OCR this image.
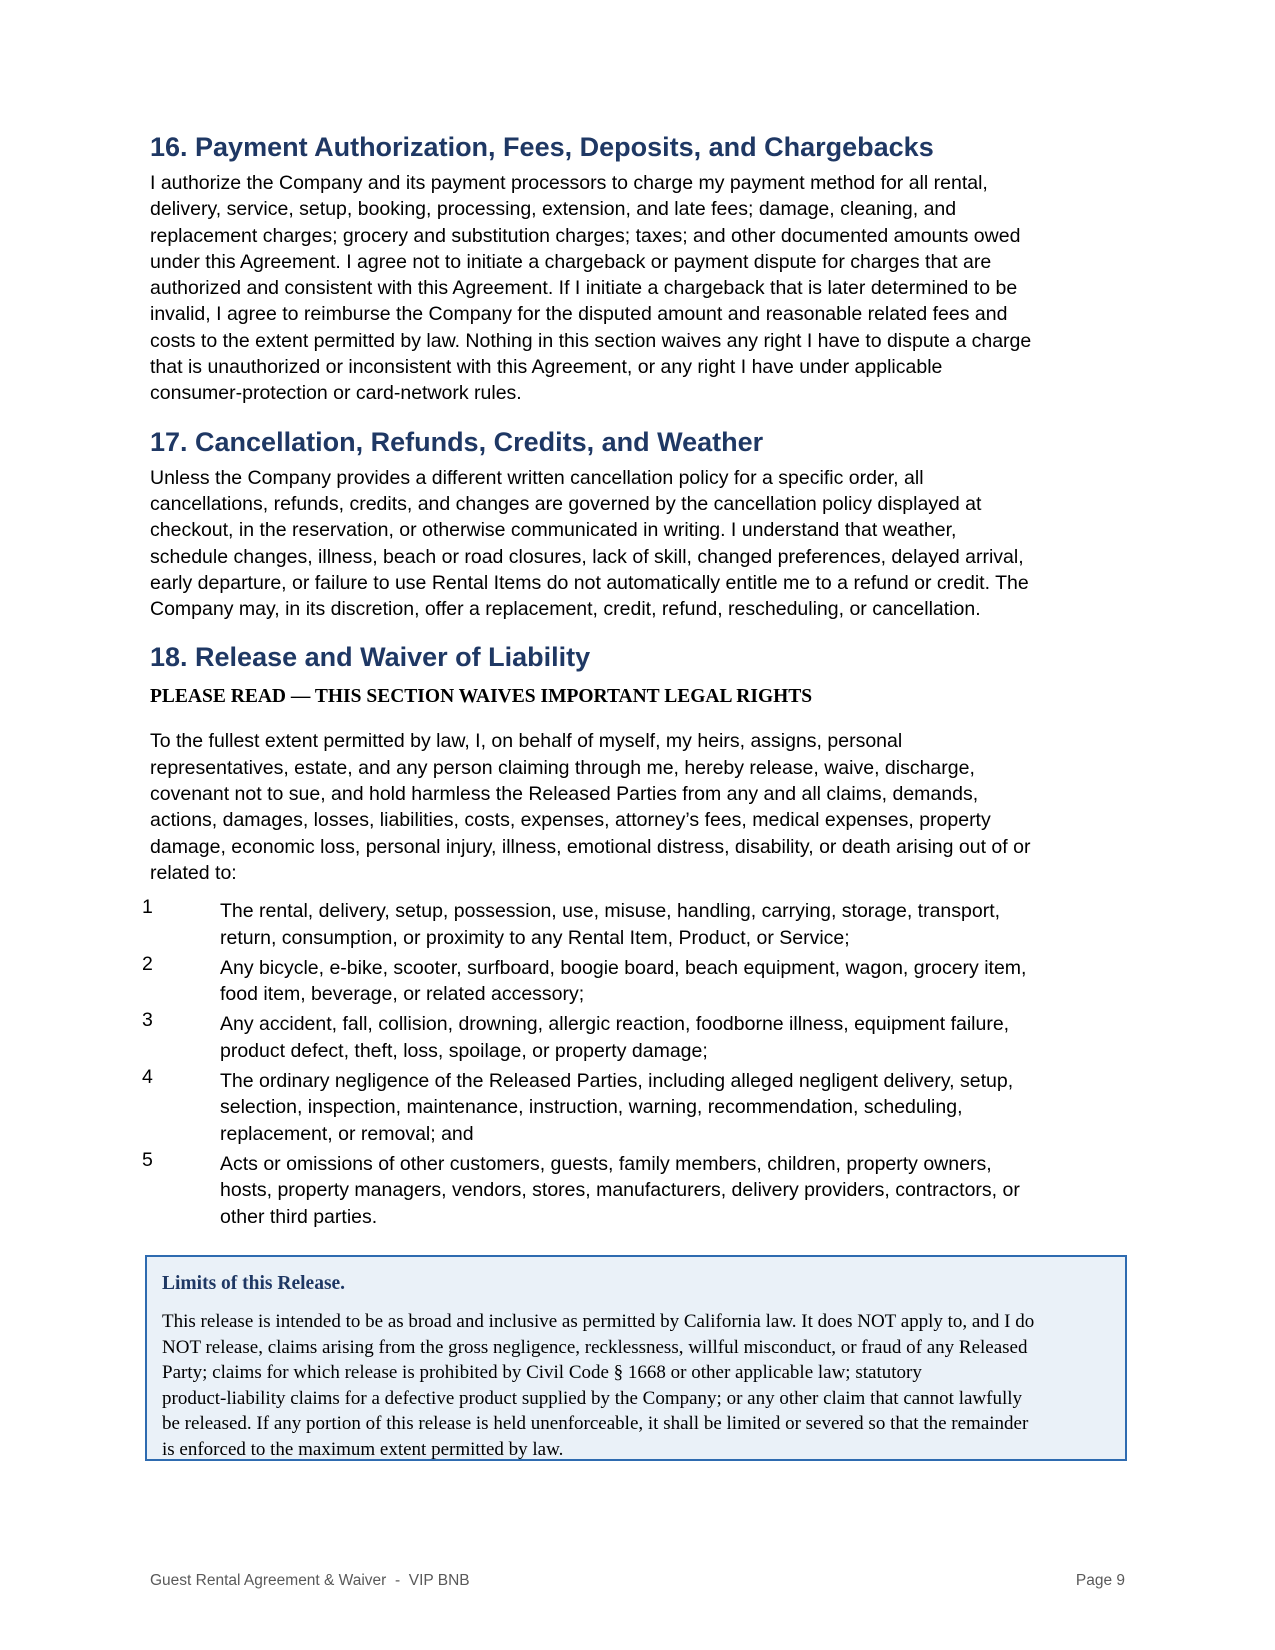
16. Payment Authorization, Fees, Deposits, and Chargebacks

I authorize the Company and its payment processors to charge my payment method for all rental,
delivery, service, setup, booking, processing, extension, and late fees; damage, cleaning, and
replacement charges; grocery and substitution charges; taxes; and other documented amounts owed
under this Agreement. I agree not to initiate a chargeback or payment dispute for charges that are
authorized and consistent with this Agreement. If I initiate a chargeback that is later determined to be
invalid, I agree to reimburse the Company for the disputed amount and reasonable related fees and
costs to the extent permitted by law. Nothing in this section waives any right I have to dispute a charge
that is unauthorized or inconsistent with this Agreement, or any right I have under applicable
consumer-protection or card-network rules.

17. Cancellation, Refunds, Credits, and Weather

Unless the Company provides a different written cancellation policy for a specific order, all
cancellations, refunds, credits, and changes are governed by the cancellation policy displayed at
checkout, in the reservation, or otherwise communicated in writing. I understand that weather,
schedule changes, illness, beach or road closures, lack of skill, changed preferences, delayed arrival,
early departure, or failure to use Rental Items do not automatically entitle me to a refund or credit. The
Company may, in its discretion, offer a replacement, credit, refund, rescheduling, or cancellation.

18. Release and Waiver of Liability

PLEASE READ — THIS SECTION WAIVES IMPORTANT LEGAL RIGHTS

To the fullest extent permitted by law, I, on behalf of myself, my heirs, assigns, personal
representatives, estate, and any person claiming through me, hereby release, waive, discharge,
covenant not to sue, and hold harmless the Released Parties from any and all claims, demands,
actions, damages, losses, liabilities, costs, expenses, attorney’s fees, medical expenses, property
damage, economic loss, personal injury, illness, emotional distress, disability, or death arising out of or
related to:

1	The rental, delivery, setup, possession, use, misuse, handling, carrying, storage, transport,
return, consumption, or proximity to any Rental Item, Product, or Service;
2	Any bicycle, e-bike, scooter, surfboard, boogie board, beach equipment, wagon, grocery item,
food item, beverage, or related accessory;
3	Any accident, fall, collision, drowning, allergic reaction, foodborne illness, equipment failure,
product defect, theft, loss, spoilage, or property damage;
4	The ordinary negligence of the Released Parties, including alleged negligent delivery, setup,
selection, inspection, maintenance, instruction, warning, recommendation, scheduling,
replacement, or removal; and
5	Acts or omissions of other customers, guests, family members, children, property owners,
hosts, property managers, vendors, stores, manufacturers, delivery providers, contractors, or
other third parties.

Limits of this Release.

This release is intended to be as broad and inclusive as permitted by California law. It does NOT apply to, and I do
NOT release, claims arising from the gross negligence, recklessness, willful misconduct, or fraud of any Released
Party; claims for which release is prohibited by Civil Code § 1668 or other applicable law; statutory
product-liability claims for a defective product supplied by the Company; or any other claim that cannot lawfully
be released. If any portion of this release is held unenforceable, it shall be limited or severed so that the remainder
is enforced to the maximum extent permitted by law.

Guest Rental Agreement & Waiver  -  VIP BNB	Page 9
